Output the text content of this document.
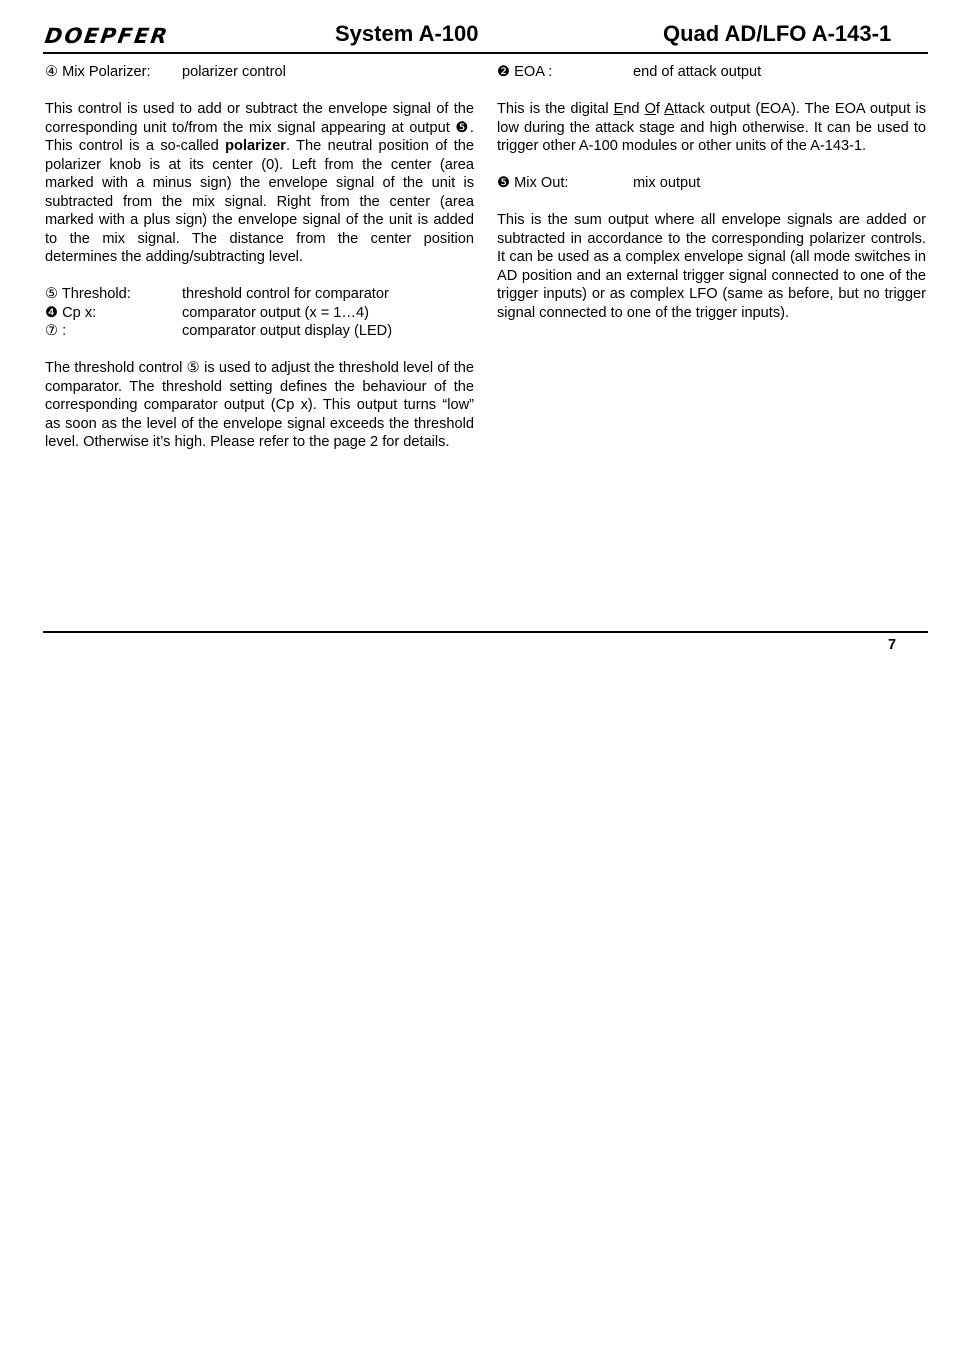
DOEPFER	System A-100	Quad AD/LFO A-143-1
④ Mix Polarizer:	polarizer control

This control is used to add or subtract the envelope signal of the corresponding unit to/from the mix signal appearing at output ❺. This control is a so-called polarizer. The neutral position of the polarizer knob is at its center (0). Left from the center (area marked with a minus sign) the envelope signal of the unit is subtracted from the mix signal. Right from the center (area marked with a plus sign) the envelope signal of the unit is added to the mix signal. The distance from the center position determines the adding/subtracting level.

⑤ Threshold:	threshold control for comparator
❹ Cp x:	comparator output (x = 1…4)
⑦ :	comparator output display (LED)

The threshold control ⑤ is used to adjust the threshold level of the comparator. The threshold setting defines the behaviour of the corresponding comparator output (Cp x). This output turns “low” as soon as the level of the envelope signal exceeds the threshold level. Otherwise it’s high. Please refer to the page 2 for details.

❷ EOA :	end of attack output

This is the digital End Of Attack output (EOA). The EOA output is low during the attack stage and high otherwise. It can be used to trigger other A-100 modules or other units of the A-143-1.

❺ Mix Out:	mix output

This is the sum output where all envelope signals are added or subtracted in accordance to the corresponding polarizer controls. It can be used as a complex envelope signal (all mode switches in AD position and an external trigger signal connected to one of the trigger inputs) or as complex LFO (same as before, but no trigger signal connected to one of the trigger inputs).

7
